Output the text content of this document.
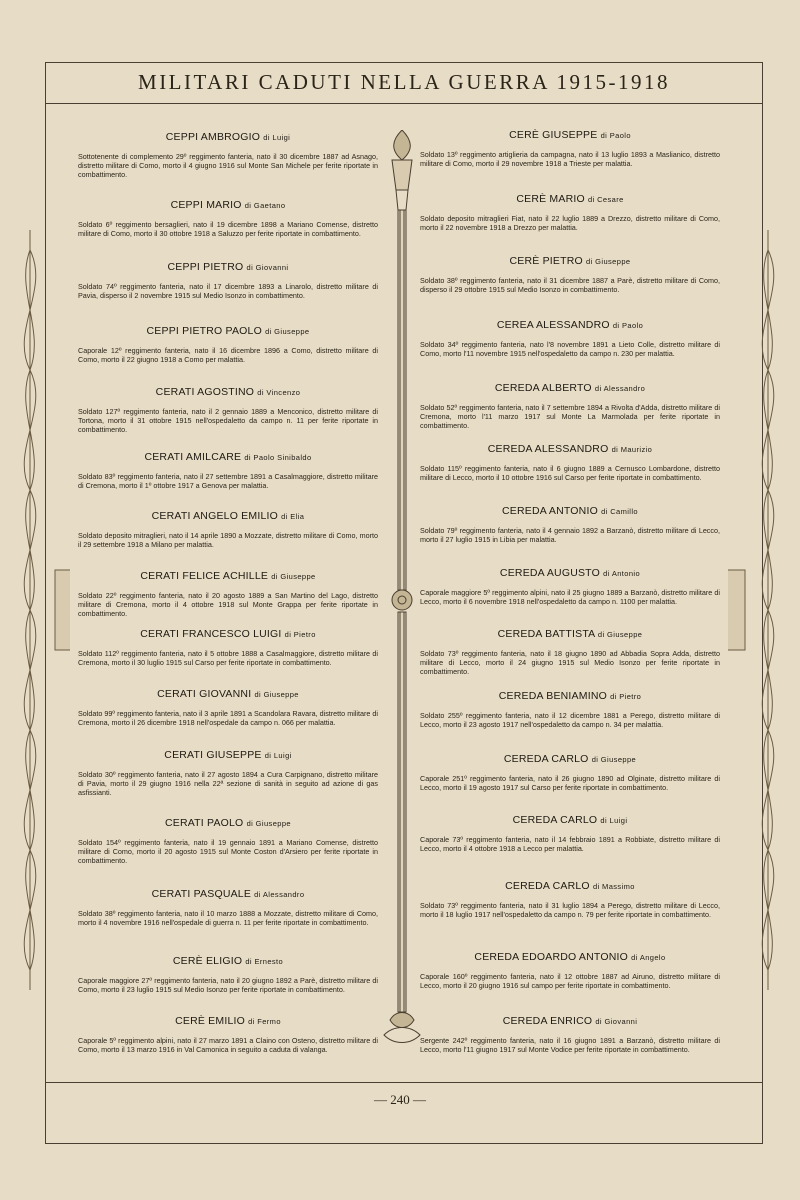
MILITARI CADUTI NELLA GUERRA 1915-1918

CEPPI AMBROGIO di Luigi

Sottotenente di complemento 29º reggimento fanteria, nato il 30 dicembre 1887 ad Asnago, distretto militare di Como, morto il 4 giugno 1916 sul Monte San Michele per ferite riportate in combattimento.

CEPPI MARIO di Gaetano

Soldato 6º reggimento bersaglieri, nato il 19 dicembre 1898 a Mariano Comense, distretto militare di Como, morto il 30 ottobre 1918 a Saluzzo per ferite riportate in combattimento.

CEPPI PIETRO di Giovanni

Soldato 74º reggimento fanteria, nato il 17 dicembre 1893 a Linarolo, distretto militare di Pavia, disperso il 2 novembre 1915 sul Medio Isonzo in combattimento.

CEPPI PIETRO PAOLO di Giuseppe

Caporale 12º reggimento fanteria, nato il 16 dicembre 1896 a Como, distretto militare di Como, morto il 22 giugno 1918 a Como per malattia.

CERATI AGOSTINO di Vincenzo

Soldato 127º reggimento fanteria, nato il 2 gennaio 1889 a Menconico, distretto militare di Tortona, morto il 31 ottobre 1915 nell'ospedaletto da campo n. 11 per ferite riportate in combattimento.

CERATI AMILCARE di Paolo Sinibaldo

Soldato 83º reggimento fanteria, nato il 27 settembre 1891 a Casalmaggiore, distretto militare di Cremona, morto il 1º ottobre 1917 a Genova per malattia.

CERATI ANGELO EMILIO di Elia

Soldato deposito mitraglieri, nato il 14 aprile 1890 a Mozzate, distretto militare di Como, morto il 29 settembre 1918 a Milano per malattia.

CERATI FELICE ACHILLE di Giuseppe

Soldato 22º reggimento fanteria, nato il 20 agosto 1889 a San Martino del Lago, distretto militare di Cremona, morto il 4 ottobre 1918 sul Monte Grappa per ferite riportate in combattimento.

CERATI FRANCESCO LUIGI di Pietro

Soldato 112º reggimento fanteria, nato il 5 ottobre 1888 a Casalmaggiore, distretto militare di Cremona, morto il 30 luglio 1915 sul Carso per ferite riportate in combattimento.

CERATI GIOVANNI di Giuseppe

Soldato 99º reggimento fanteria, nato il 3 aprile 1891 a Scandolara Ravara, distretto militare di Cremona, morto il 26 dicembre 1918 nell'ospedale da campo n. 066 per malattia.

CERATI GIUSEPPE di Luigi

Soldato 30º reggimento fanteria, nato il 27 agosto 1894 a Cura Carpignano, distretto militare di Pavia, morto il 29 giugno 1916 nella 22ª sezione di sanità in seguito ad azione di gas asfissianti.

CERATI PAOLO di Giuseppe

Soldato 154º reggimento fanteria, nato il 19 gennaio 1891 a Mariano Comense, distretto militare di Como, morto il 20 agosto 1915 sul Monte Coston d'Arsiero per ferite riportate in combattimento.

CERATI PASQUALE di Alessandro

Soldato 38º reggimento fanteria, nato il 10 marzo 1888 a Mozzate, distretto militare di Como, morto il 4 novembre 1916 nell'ospedale di guerra n. 11 per ferite riportate in combattimento.

CERÈ ELIGIO di Ernesto

Caporale maggiore 27º reggimento fanteria, nato il 20 giugno 1892 a Parè, distretto militare di Como, morto il 23 luglio 1915 sul Medio Isonzo per ferite riportate in combattimento.

CERÈ EMILIO di Fermo

Caporale 5º reggimento alpini, nato il 27 marzo 1891 a Claino con Osteno, distretto militare di Como, morto il 13 marzo 1916 in Val Camonica in seguito a caduta di valanga.

CERÈ GIUSEPPE di Paolo

Soldato 13º reggimento artiglieria da campagna, nato il 13 luglio 1893 a Maslianico, distretto militare di Como, morto il 29 novembre 1918 a Trieste per malattia.

CERÈ MARIO di Cesare

Soldato deposito mitraglieri Fiat, nato il 22 luglio 1889 a Drezzo, distretto militare di Como, morto il 22 novembre 1918 a Drezzo per malattia.

CERÈ PIETRO di Giuseppe

Soldato 38º reggimento fanteria, nato il 31 dicembre 1887 a Parè, distretto militare di Como, disperso il 29 ottobre 1915 sul Medio Isonzo in combattimento.

CEREA ALESSANDRO di Paolo

Soldato 34º reggimento fanteria, nato l'8 novembre 1891 a Lieto Colle, distretto militare di Como, morto l'11 novembre 1915 nell'ospedaletto da campo n. 230 per malattia.

CEREDA ALBERTO di Alessandro

Soldato 52º reggimento fanteria, nato il 7 settembre 1894 a Rivolta d'Adda, distretto militare di Cremona, morto l'11 marzo 1917 sul Monte La Marmolada per ferite riportate in combattimento.

CEREDA ALESSANDRO di Maurizio

Soldato 115º reggimento fanteria, nato il 6 giugno 1889 a Cernusco Lombardone, distretto militare di Lecco, morto il 10 ottobre 1916 sul Carso per ferite riportate in combattimento.

CEREDA ANTONIO di Camillo

Soldato 79º reggimento fanteria, nato il 4 gennaio 1892 a Barzanò, distretto militare di Lecco, morto il 27 luglio 1915 in Libia per malattia.

CEREDA AUGUSTO di Antonio

Caporale maggiore 5º reggimento alpini, nato il 25 giugno 1889 a Barzanò, distretto militare di Lecco, morto il 6 novembre 1918 nell'ospedaletto da campo n. 1100 per malattia.

CEREDA BATTISTA di Giuseppe

Soldato 73º reggimento fanteria, nato il 18 giugno 1890 ad Abbadia Sopra Adda, distretto militare di Lecco, morto il 24 giugno 1915 sul Medio Isonzo per ferite riportate in combattimento.

CEREDA BENIAMINO di Pietro

Soldato 255º reggimento fanteria, nato il 12 dicembre 1881 a Perego, distretto militare di Lecco, morto il 23 agosto 1917 nell'ospedaletto da campo n. 34 per malattia.

CEREDA CARLO di Giuseppe

Caporale 251º reggimento fanteria, nato il 26 giugno 1890 ad Olginate, distretto militare di Lecco, morto il 19 agosto 1917 sul Carso per ferite riportate in combattimento.

CEREDA CARLO di Luigi

Caporale 73º reggimento fanteria, nato il 14 febbraio 1891 a Robbiate, distretto militare di Lecco, morto il 4 ottobre 1918 a Lecco per malattia.

CEREDA CARLO di Massimo

Soldato 73º reggimento fanteria, nato il 31 luglio 1894 a Perego, distretto militare di Lecco, morto il 18 luglio 1917 nell'ospedaletto da campo n. 79 per ferite riportate in combattimento.

CEREDA EDOARDO ANTONIO di Angelo

Caporale 160º reggimento fanteria, nato il 12 ottobre 1887 ad Airuno, distretto militare di Lecco, morto il 20 giugno 1916 sul campo per ferite riportate in combattimento.

CEREDA ENRICO di Giovanni

Sergente 242º reggimento fanteria, nato il 16 giugno 1891 a Barzanò, distretto militare di Lecco, morto l'11 giugno 1917 sul Monte Vodice per ferite riportate in combattimento.

— 240 —
